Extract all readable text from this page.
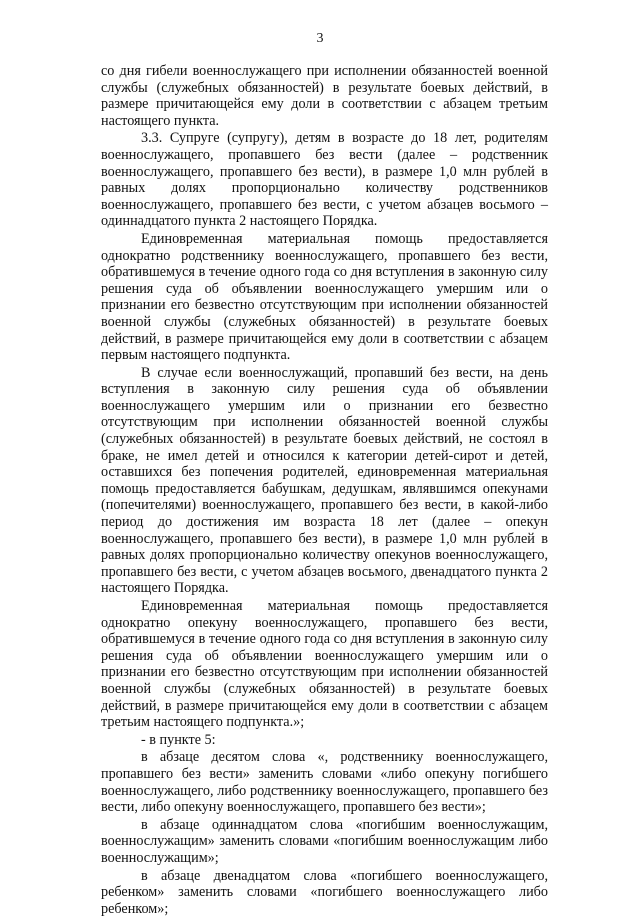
3

со дня гибели военнослужащего при исполнении обязанностей военной службы (служебных обязанностей) в результате боевых действий, в размере причитающейся ему доли в соответствии с абзацем третьим настоящего пункта.

3.3. Супруге (супругу), детям в возрасте до 18 лет, родителям военнослужащего, пропавшего без вести (далее – родственник военнослужащего, пропавшего без вести), в размере 1,0 млн рублей в равных долях пропорционально количеству родственников военнослужащего, пропавшего без вести, с учетом абзацев восьмого – одиннадцатого пункта 2 настоящего Порядка.

Единовременная материальная помощь предоставляется однократно родственнику военнослужащего, пропавшего без вести, обратившемуся в течение одного года со дня вступления в законную силу решения суда об объявлении военнослужащего умершим или о признании его безвестно отсутствующим при исполнении обязанностей военной службы (служебных обязанностей) в результате боевых действий, в размере причитающейся ему доли в соответствии с абзацем первым настоящего подпункта.

В случае если военнослужащий, пропавший без вести, на день вступления в законную силу решения суда об объявлении военнослужащего умершим или о признании его безвестно отсутствующим при исполнении обязанностей военной службы (служебных обязанностей) в результате боевых действий, не состоял в браке, не имел детей и относился к категории детей-сирот и детей, оставшихся без попечения родителей, единовременная материальная помощь предоставляется бабушкам, дедушкам, являвшимся опекунами (попечителями) военнослужащего, пропавшего без вести, в какой-либо период до достижения им возраста 18 лет (далее – опекун военнослужащего, пропавшего без вести), в размере 1,0 млн рублей в равных долях пропорционально количеству опекунов военнослужащего, пропавшего без вести, с учетом абзацев восьмого, двенадцатого пункта 2 настоящего Порядка.

Единовременная материальная помощь предоставляется однократно опекуну военнослужащего, пропавшего без вести, обратившемуся в течение одного года со дня вступления в законную силу решения суда об объявлении военнослужащего умершим или о признании его безвестно отсутствующим при исполнении обязанностей военной службы (служебных обязанностей) в результате боевых действий, в размере причитающейся ему доли в соответствии с абзацем третьим настоящего подпункта.»;

- в пункте 5:

в абзаце десятом слова «, родственнику военнослужащего, пропавшего без вести» заменить словами «либо опекуну погибшего военнослужащего, либо родственнику военнослужащего, пропавшего без вести, либо опекуну военнослужащего, пропавшего без вести»;

в абзаце одиннадцатом слова «погибшим военнослужащим, военнослужащим» заменить словами «погибшим военнослужащим либо военнослужащим»;

в абзаце двенадцатом слова «погибшего военнослужащего, ребенком» заменить словами «погибшего военнослужащего либо ребенком»;
